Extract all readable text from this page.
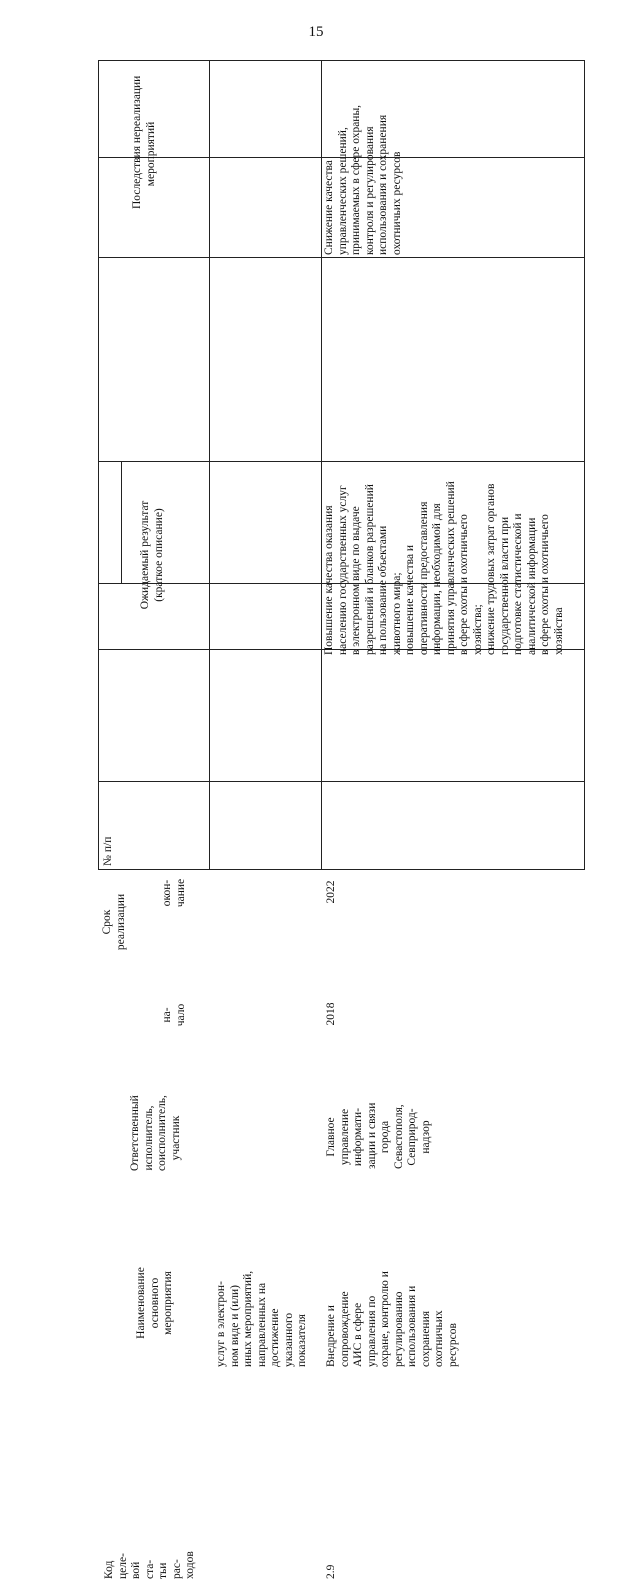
15
Последствия нереализации мероприятий
Ожидаемый результат (краткое описание)
Срок реализации
окон- чание
на- чало
Ответственный исполнитель, соисполнитель, участник
Наименование основного мероприятия
Код целе- вой ста- тьи рас- ходов
услуг в электрон- ном виде и (или) иных мероприятий, направленных на достижение указанного показателя
Снижение качества управленческих решений, принимаемых в сфере охраны, контроля и регулирования использования и сохранения охотничьих ресурсов
Повышение качества оказания населению государственных услуг в электронном виде по выдаче разрешений и бланков разрешений на пользование объектами животного мира; повышение качества и оперативности предоставления информации, необходимой для принятия управленческих решений в сфере охоты и охотничьего хозяйства; снижение трудовых затрат органов государственной власти при подготовке статистической и аналитической информации в сфере охоты и охотничьего хозяйства
2022
2018
Главное управление информати- зации и связи города Севастополя, Севприрод- надзор
Внедрение и сопровождение АИС в сфере управления по охране, контролю и регулированию использования и сохранения охотничьих ресурсов
2.9
№ п/п
